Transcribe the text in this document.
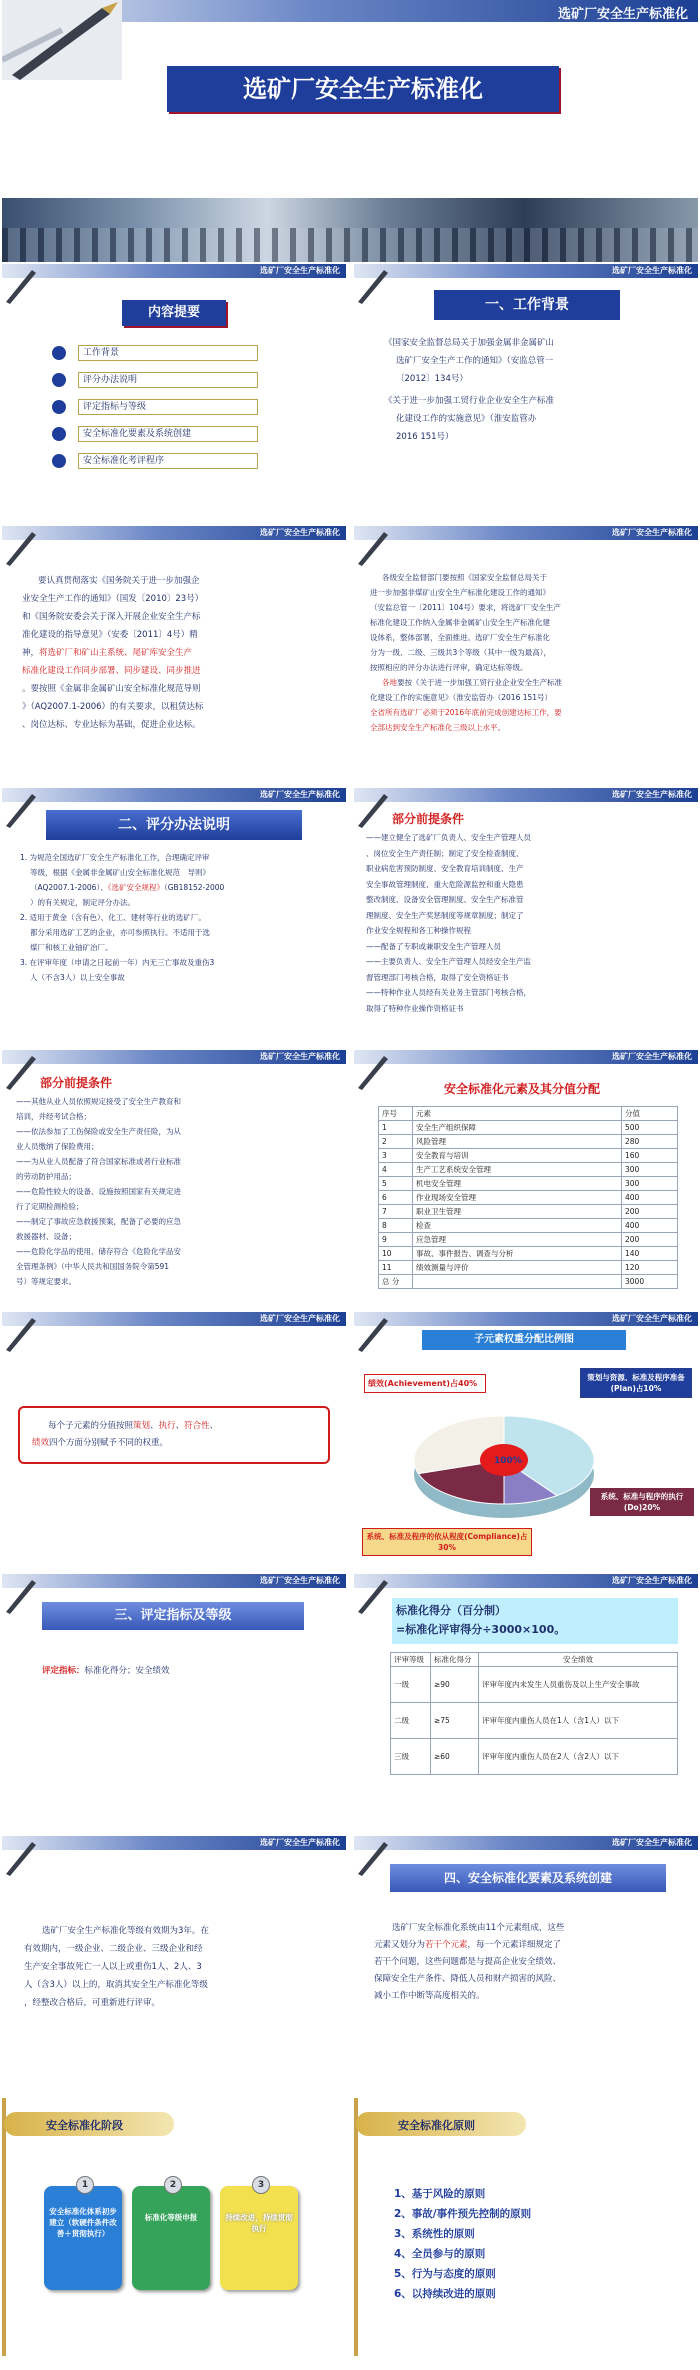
选矿厂安全生产标准化
选矿厂安全生产标准化
选矿厂安全生产标准化
内容提要
工作背景
评分办法说明
评定指标与等级
安全标准化要素及系统创建
安全标准化考评程序
选矿厂安全生产标准化
一、工作背景

《国家安全监督总局关于加强金属非金属矿山

选矿厂安全生产工作的通知》（安监总管一

〔2012〕134号）

《关于进一步加强工贸行业企业安全生产标准

化建设工作的实施意见》（淮安监管办

2016 151号）

选矿厂安全生产标准化

要认真贯彻落实《国务院关于进一步加强企

业安全生产工作的通知》（国发〔2010〕23号）

和《国务院安委会关于深入开展企业安全生产标

准化建设的指导意见》（安委〔2011〕4号）精

神，将选矿厂和矿山主系统、尾矿库安全生产

标准化建设工作同步部署、同步建设、同步推进

。要按照《金属非金属矿山安全标准化规范导则

》（AQ2007.1-2006）的有关要求，以租赁达标

、岗位达标、专业达标为基础，促进企业达标。

选矿厂安全生产标准化

各级安全监督部门要按照《国家安全监督总局关于

进一步加强非煤矿山安全生产标准化建设工作的通知》

（安监总管一〔2011〕104号）要求，将选矿厂安全生产

标准化建设工作纳入金属非金属矿山安全生产标准化建

设体系，整体部署，全面推进。选矿厂安全生产标准化

分为一级、二级、三级共3个等级（其中一级为最高），

按照相应的评分办法进行评审，确定达标等级。

各地要按《关于进一步加强工贸行业企业安全生产标准

化建设工作的实施意见》（淮安监管办（2016 151号）

全省所有选矿厂必须于2016年底前完成创建达标工作，要

全部达到安全生产标准化三级以上水平。

选矿厂安全生产标准化
二、评分办法说明

1. 为规范全国选矿厂安全生产标准化工作，合理确定评审

等级，根据《金属非金属矿山安全标准化规范　导则》

（AQ2007.1-2006）、《选矿安全规程》（GB18152-2000

）的有关规定，制定评分办法。

2. 适用于黄金（含有色）、化工、建材等行业的选矿厂。

都分采用选矿工艺的企业，亦可参照执行。不适用于选

煤厂和核工业铀矿冶厂。

3. 在评审年度（申请之日起前一年）内无三亡事故及重伤3

人（不含3人）以上安全事故

选矿厂安全生产标准化
部分前提条件

——建立健全了选矿厂负责人、安全生产管理人员

、岗位安全生产责任制；制定了安全检查制度、

职业病危害预防制度、安全教育培训制度、生产

安全事故管理制度、重大危险源监控和重大隐患

整改制度、设备安全管理制度、安全生产标准管

理制度、安全生产奖惩制度等规章制度；制定了

作业安全规程和各工种操作规程

——配备了专职或兼职安全生产管理人员

——主要负责人、安全生产管理人员经安全生产监

督管理部门考核合格，取得了安全资格证书

——特种作业人员经有关业务主管部门考核合格，

取得了特种作业操作资格证书

选矿厂安全生产标准化
部分前提条件

——其他从业人员依照规定接受了安全生产教育和

培训，并经考试合格；

——依法参加了工伤保险或安全生产责任险，为从

业人员缴纳了保险费用；

——为从业人员配备了符合国家标准或者行业标准

的劳动防护用品；

——危险性较大的设备、设施按照国家有关规定进

行了定期检测检验；

——制定了事故应急救援预案，配备了必要的应急

救援器材、设备；

——危险化学品的使用、储存符合《危险化学品安

全管理条例》（中华人民共和国国务院令第591

号）等规定要求。

选矿厂安全生产标准化
安全标准化元素及其分值分配
序号	元素	分值
1	安全生产组织保障	500
2	风险管理	280
3	安全教育与培训	160
4	生产工艺系统安全管理	300
5	机电安全管理	300
6	作业现场安全管理	400
7	职业卫生管理	200
8	检查	400
9	应急管理	200
10	事故、事件报告、调查与分析	140
11	绩效测量与评价	120
总 分		3000
选矿厂安全生产标准化

每个子元素的分值按照策划、执行、符合性、

绩效四个方面分别赋予不同的权重。

选矿厂安全生产标准化
子元素权重分配比例图
100%
绩效(Achievement)占40%
策划与资源、标准及程序准备(Plan)占10%
系统、标准与程序的执行(Do)20%
系统、标准及程序的依从程度(Compliance)占30%
选矿厂安全生产标准化
三、评定指标及等级
评定指标：标准化得分；安全绩效
选矿厂安全生产标准化
标准化得分（百分制）
=标准化评审得分÷3000×100。
评审等级	标准化得分	安全绩效
一级	≥90	评审年度内未发生人员重伤及以上生产安全事故
二级	≥75	评审年度内重伤人员在1人（含1人）以下
三级	≥60	评审年度内重伤人员在2人（含2人）以下
选矿厂安全生产标准化

选矿厂安全生产标准化等级有效期为3年。在

有效期内，一级企业、二级企业、三级企业和经

生产安全事故死亡一人以上或重伤1人、2人、3

人（含3人）以上的，取消其安全生产标准化等级

，经整改合格后，可重新进行评审。

选矿厂安全生产标准化
四、安全标准化要素及系统创建

选矿厂安全标准化系统由11个元素组成，这些

元素又划分为若干个元素，每一个元素详细规定了

若干个问题，这些问题都是与提高企业安全绩效、

保障安全生产条件、降低人员和财产损害的风险、

减小工作中断等高度相关的。

安全标准化阶段
安全标准化体系初步建立（软硬件条件改善＋贯彻执行）
标准化等级申报	持续改进，持续贯彻执行
1	2	3
安全标准化原则
1、基于风险的原则
2、事故/事件预先控制的原则
3、系统性的原则
4、全员参与的原则
5、行为与态度的原则
6、以持续改进的原则
